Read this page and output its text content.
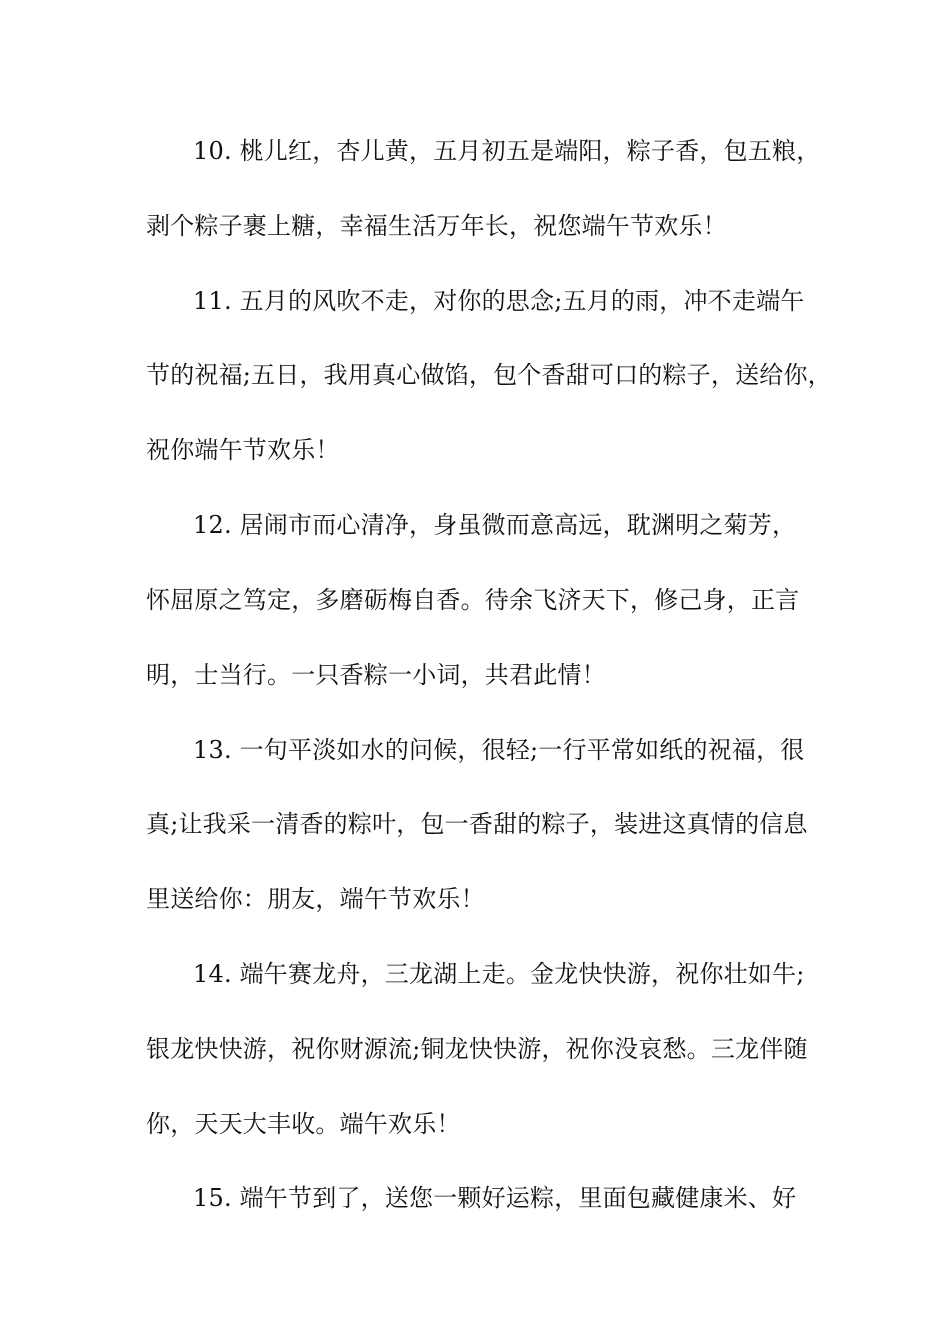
10. 桃儿红，杏儿黄，五月初五是端阳，粽子香，包五粮，
剥个粽子裹上糖，幸福生活万年长，祝您端午节欢乐！
11. 五月的风吹不走，对你的思念;五月的雨，冲不走端午
节的祝福;五日，我用真心做馅，包个香甜可口的粽子，送给你，
祝你端午节欢乐！
12. 居闹市而心清净，身虽微而意高远，耽渊明之菊芳，
怀屈原之笃定，多磨砺梅自香。待余飞济天下，修己身，正言
明，士当行。一只香粽一小词，共君此情！
13. 一句平淡如水的问候，很轻;一行平常如纸的祝福，很
真;让我采一清香的粽叶，包一香甜的粽子，装进这真情的信息
里送给你：朋友，端午节欢乐！
14. 端午赛龙舟，三龙湖上走。金龙快快游，祝你壮如牛;
银龙快快游，祝你财源流;铜龙快快游，祝你没哀愁。三龙伴随
你，天天大丰收。端午欢乐！
15. 端午节到了，送您一颗好运粽，里面包藏健康米、好
